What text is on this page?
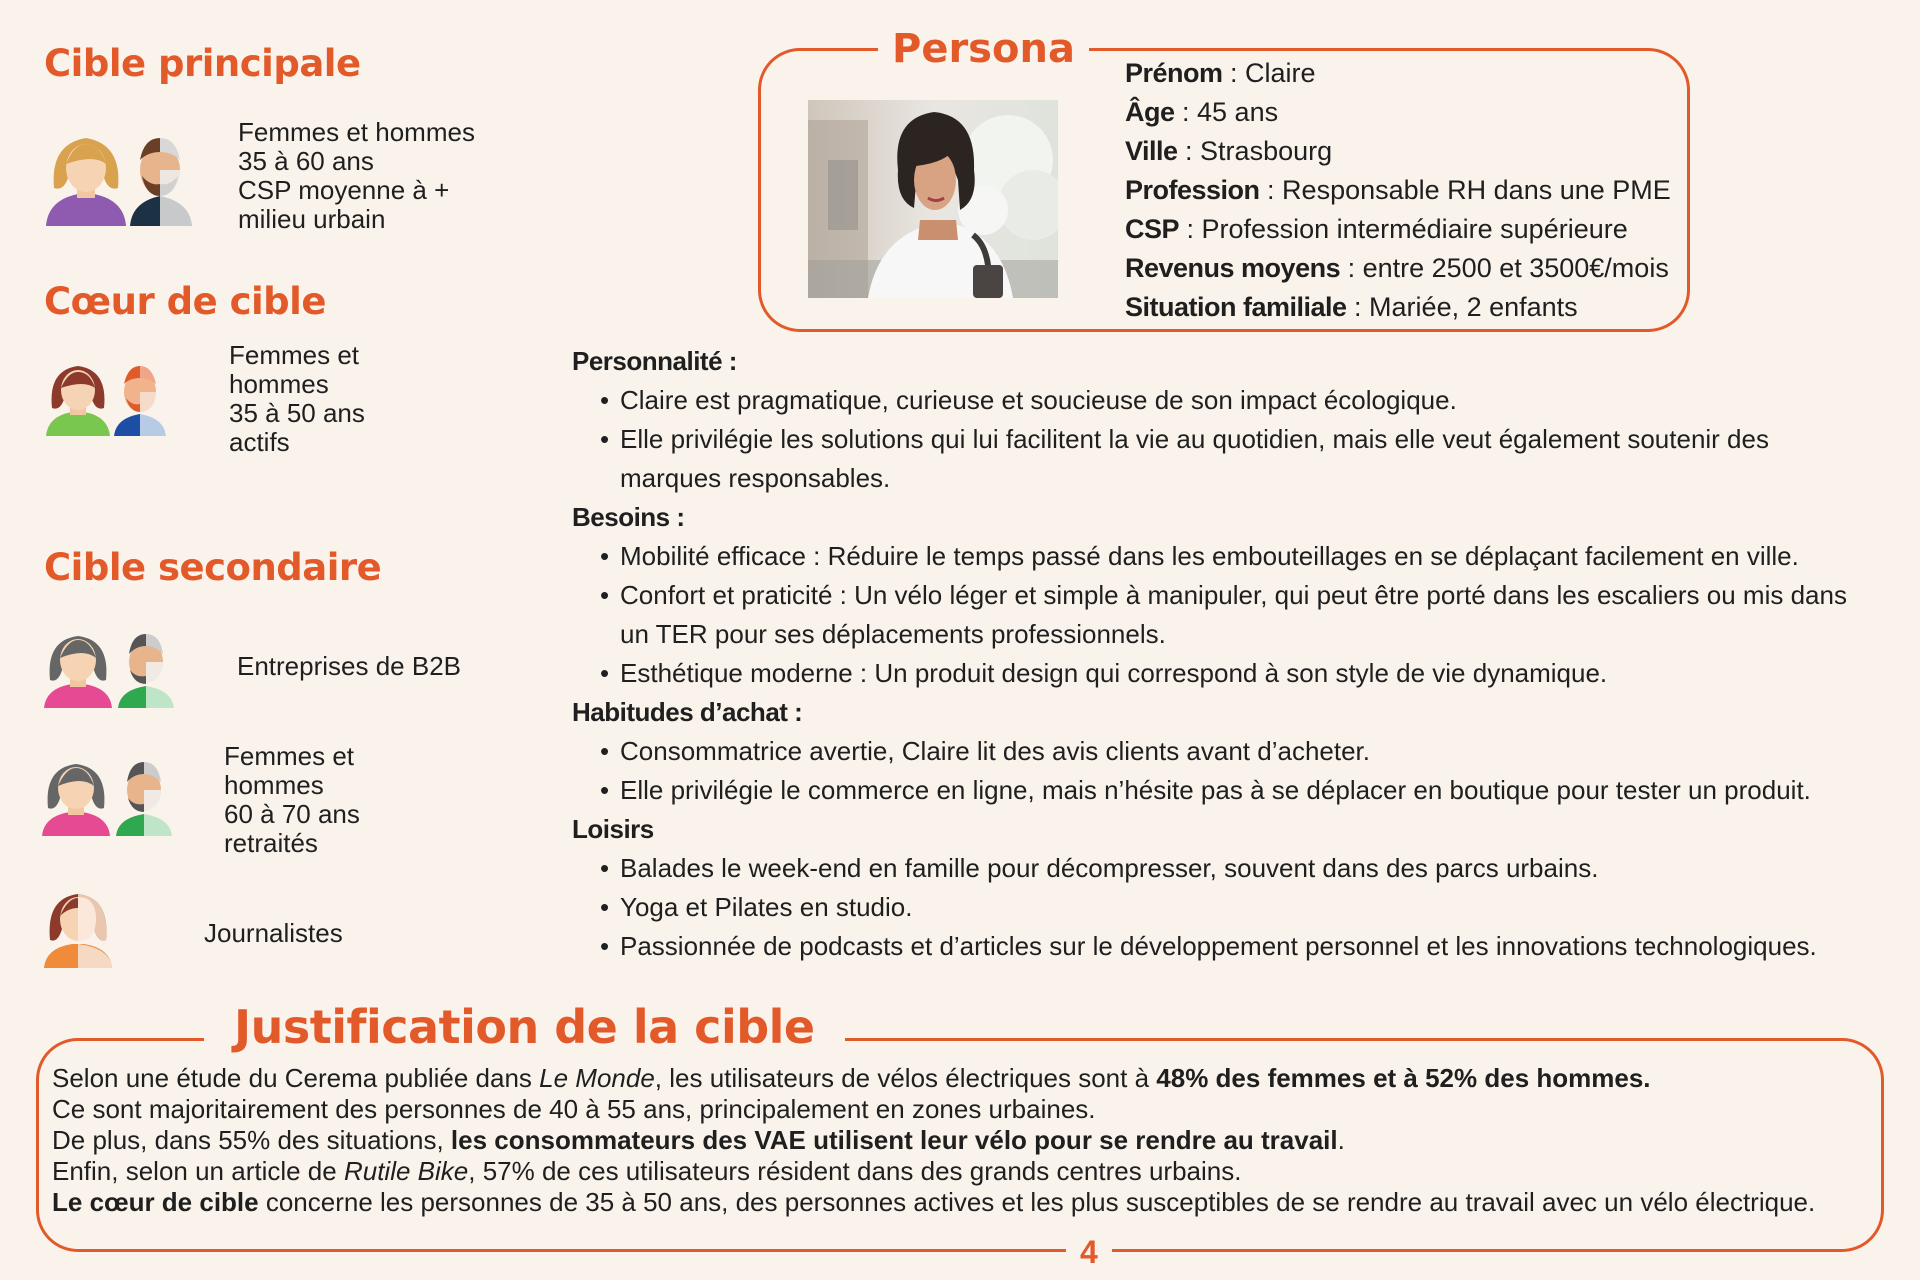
Cible principale
Femmes et hommes
35 à 60 ans
CSP moyenne à +
milieu urbain
Cœur de cible
Femmes et
hommes
35 à 50 ans
actifs
Cible secondaire
Entreprises de B2B
Femmes et
hommes
60 à 70 ans
retraités
Journalistes
Persona
Prénom : Claire
Âge : 45 ans
Ville : Strasbourg
Profession : Responsable RH dans une PME
CSP : Profession intermédiaire supérieure
Revenus moyens : entre 2500 et 3500€/mois
Situation familiale : Mariée, 2 enfants

Personnalité :

• Claire est pragmatique, curieuse et soucieuse de son impact écologique.
• Elle privilégie les solutions qui lui facilitent la vie au quotidien, mais elle veut également soutenir des marques responsables.

Besoins :

• Mobilité efficace : Réduire le temps passé dans les embouteillages en se déplaçant facilement en ville.
• Confort et praticité : Un vélo léger et simple à manipuler, qui peut être porté dans les escaliers ou mis dans un TER pour ses déplacements professionnels.
• Esthétique moderne : Un produit design qui correspond à son style de vie dynamique.

Habitudes d’achat :

• Consommatrice avertie, Claire lit des avis clients avant d’acheter.
• Elle privilégie le commerce en ligne, mais n’hésite pas à se déplacer en boutique pour tester un produit.

Loisirs

• Balades le week-end en famille pour décompresser, souvent dans des parcs urbains.
• Yoga et Pilates en studio.
• Passionnée de podcasts et d’articles sur le développement personnel et les innovations technologiques.
Justification de la cible
Selon une étude du Cerema publiée dans Le Monde, les utilisateurs de vélos électriques sont à 48% des femmes et à 52% des hommes.
Ce sont majoritairement des personnes de 40 à 55 ans, principalement en zones urbaines.
De plus, dans 55% des situations, les consommateurs des VAE utilisent leur vélo pour se rendre au travail.
Enfin, selon un article de Rutile Bike, 57% de ces utilisateurs résident dans des grands centres urbains.
Le cœur de cible concerne les personnes de 35 à 50 ans, des personnes actives et les plus susceptibles de se rendre au travail avec un vélo électrique.
4
